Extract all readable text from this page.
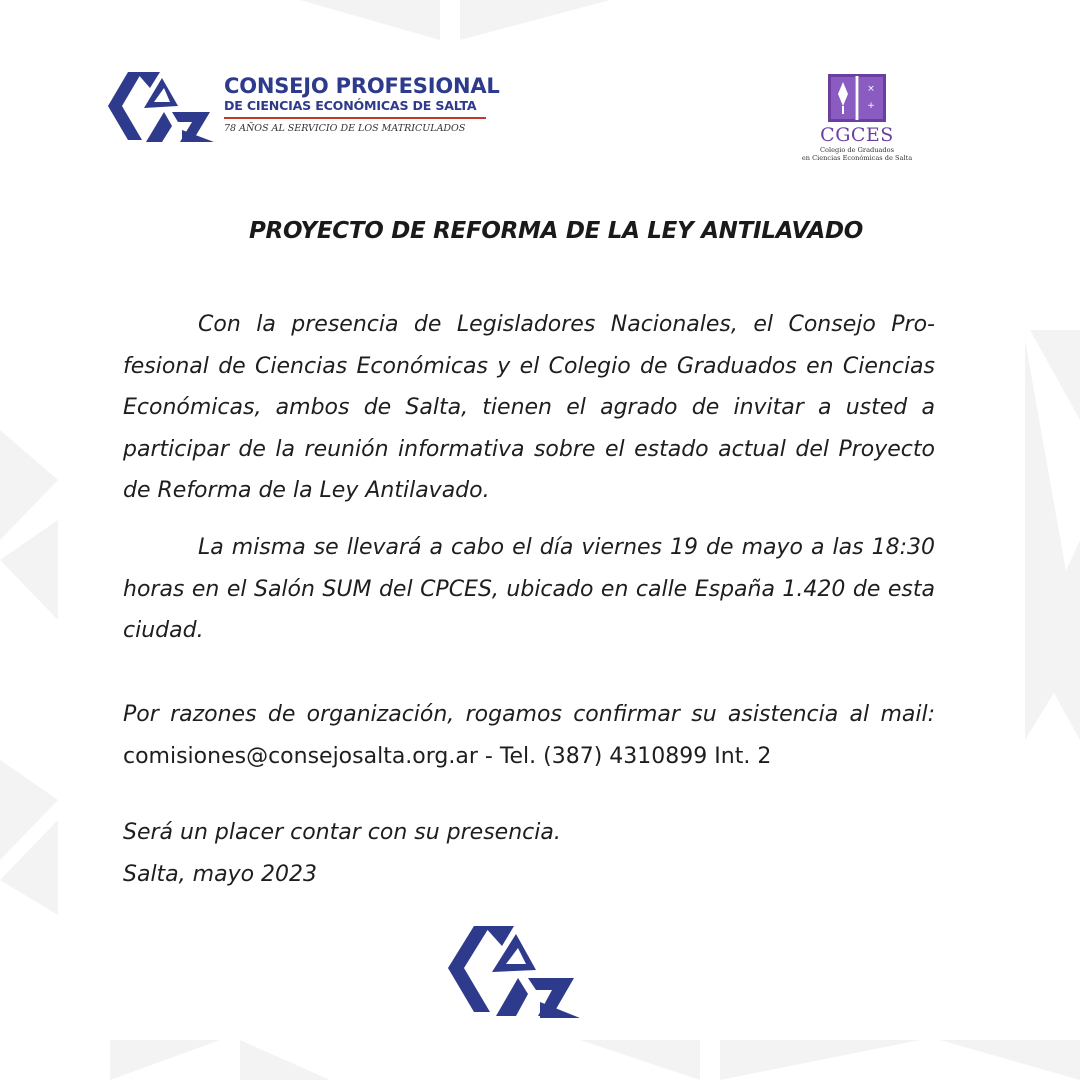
CONSEJO PROFESIONAL
DE CIENCIAS ECONÓMICAS DE SALTA
78 AÑOS AL SERVICIO DE LOS MATRICULADOS
×
+
CGCES
Colegio de Graduados
en Ciencias Económicas de Salta
PROYECTO DE REFORMA DE LA LEY ANTILAVADO
Con la presencia de Legisladores Nacionales, el Consejo Profesional de Ciencias Económicas y el Colegio de Graduados en Ciencias Económicas, ambos de Salta, tienen el agrado de invitar a usted a participar de la reunión informativa sobre el estado actual del Proyecto de Reforma de la Ley Antilavado.
La misma se llevará a cabo el día viernes 19 de mayo a las 18:30 horas en el Salón SUM del CPCES, ubicado en calle España 1.420 de esta ciudad.
Por razones de organización, rogamos confirmar su asistencia al mail: comisiones@consejosalta.org.ar - Tel. (387) 4310899 Int. 2
Será un placer contar con su presencia.
Salta, mayo 2023
